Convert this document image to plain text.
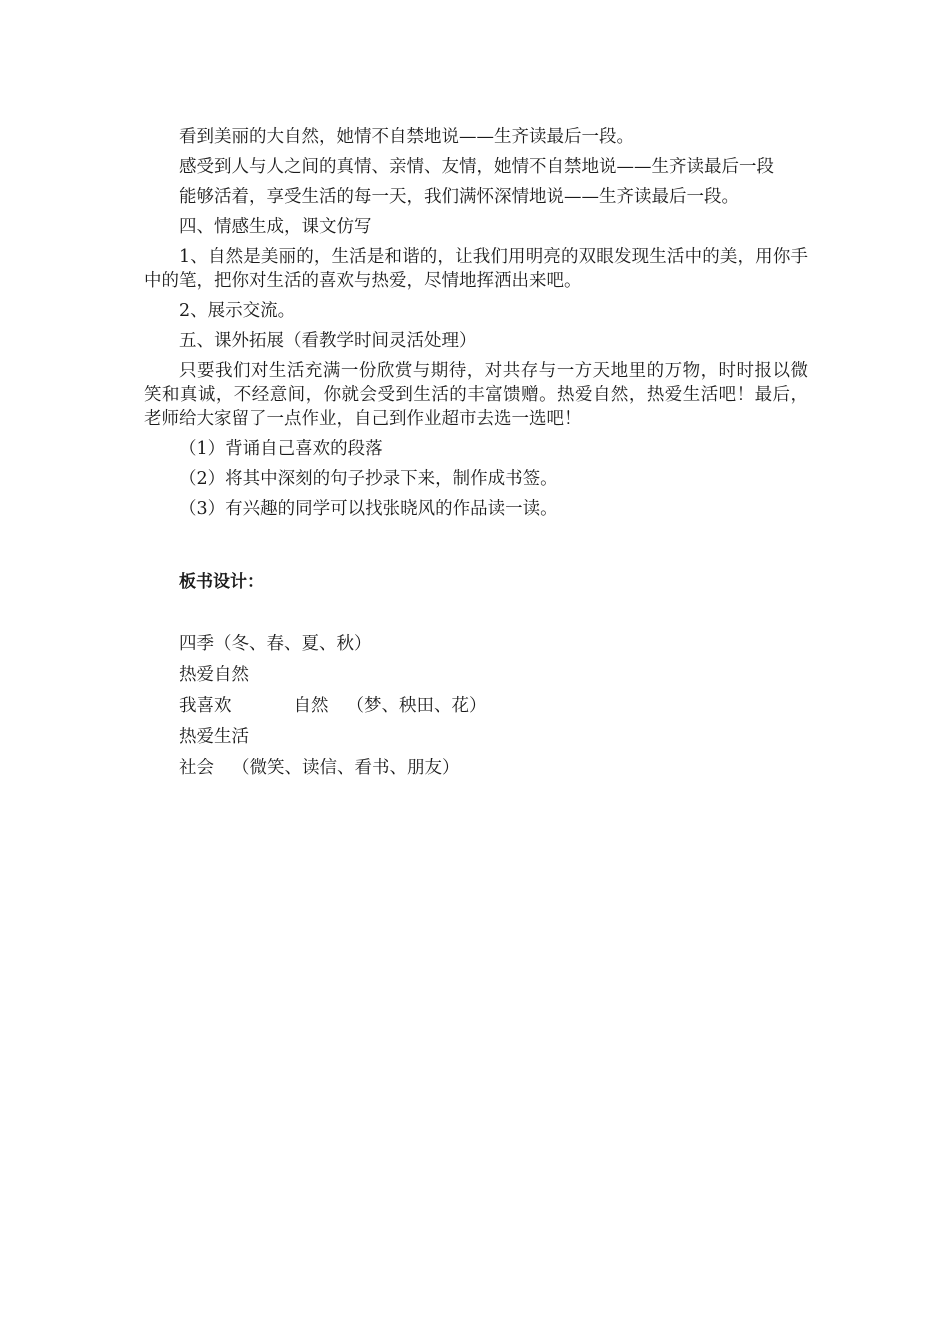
看到美丽的大自然，她情不自禁地说——生齐读最后一段。

感受到人与人之间的真情、亲情、友情，她情不自禁地说——生齐读最后一段

能够活着，享受生活的每一天，我们满怀深情地说——生齐读最后一段。

四、情感生成，课文仿写

1、自然是美丽的，生活是和谐的，让我们用明亮的双眼发现生活中的美，用你手中的笔，把你对生活的喜欢与热爱，尽情地挥洒出来吧。

2、展示交流。

五、课外拓展（看教学时间灵活处理）

只要我们对生活充满一份欣赏与期待，对共存与一方天地里的万物，时时报以微笑和真诚，不经意间，你就会受到生活的丰富馈赠。热爱自然，热爱生活吧！最后，老师给大家留了一点作业，自己到作业超市去选一选吧！

（1）背诵自己喜欢的段落

（2）将其中深刻的句子抄录下来，制作成书签。

（3）有兴趣的同学可以找张晓风的作品读一读。

板书设计：
四季（冬、春、夏、秋）
热爱自然
我喜欢	自然 （梦、秧田、花）
热爱生活
社会 （微笑、读信、看书、朋友）
